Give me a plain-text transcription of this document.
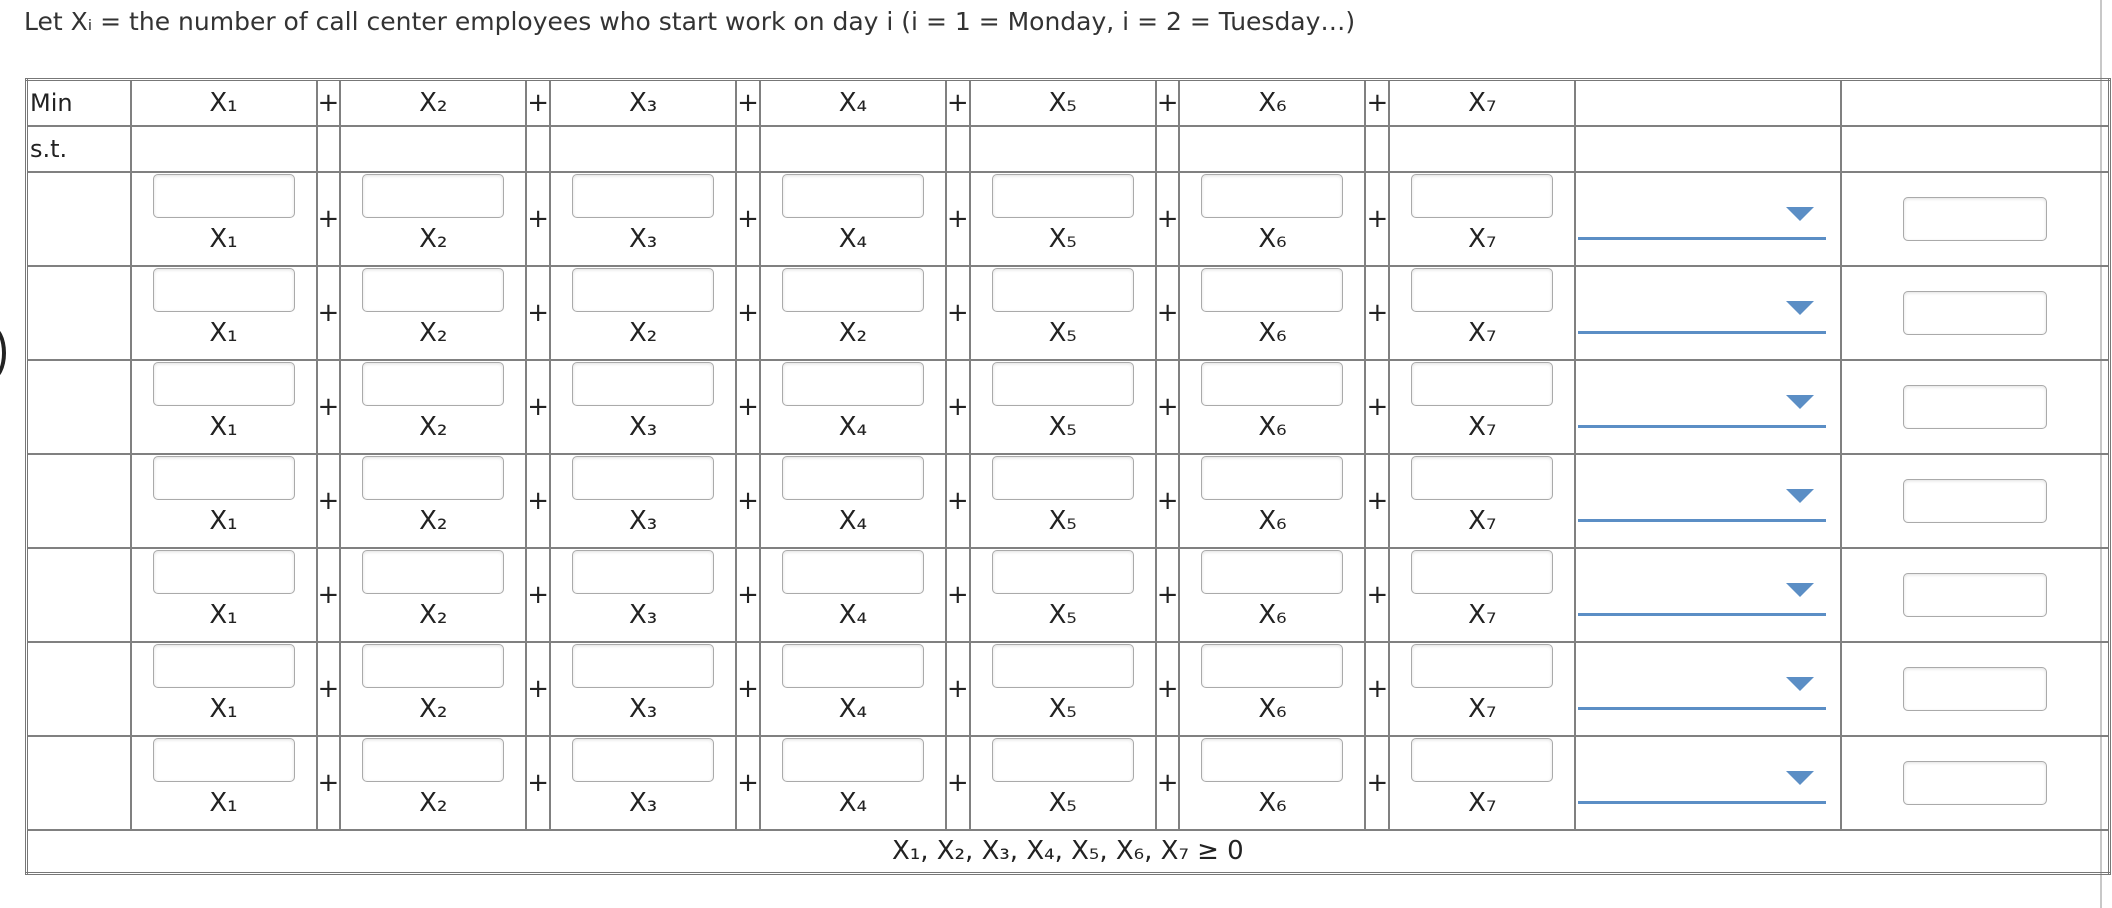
Let Xᵢ = the number of call center employees who start work on day i (i = 1 = Monday, i = 2 = Tuesday…)
Min	X₁	+	X₂	+	X₃	+	X₄	+	X₅	+	X₆	+	X₇		
s.t.															

	X₁	+	X₂	+	X₃	+	X₄	+	X₅	+	X₆	+	X₇

	X₁	+	X₂	+	X₂	+	X₂	+	X₅	+	X₆	+	X₇

	X₁	+	X₂	+	X₃	+	X₄	+	X₅	+	X₆	+	X₇

	X₁	+	X₂	+	X₃	+	X₄	+	X₅	+	X₆	+	X₇

	X₁	+	X₂	+	X₃	+	X₄	+	X₅	+	X₆	+	X₇

	X₁	+	X₂	+	X₃	+	X₄	+	X₅	+	X₆	+	X₇

	X₁	+	X₂	+	X₃	+	X₄	+	X₅	+	X₆	+	X₇

X₁, X₂, X₃, X₄, X₅, X₆, X₇ ≥ 0															
